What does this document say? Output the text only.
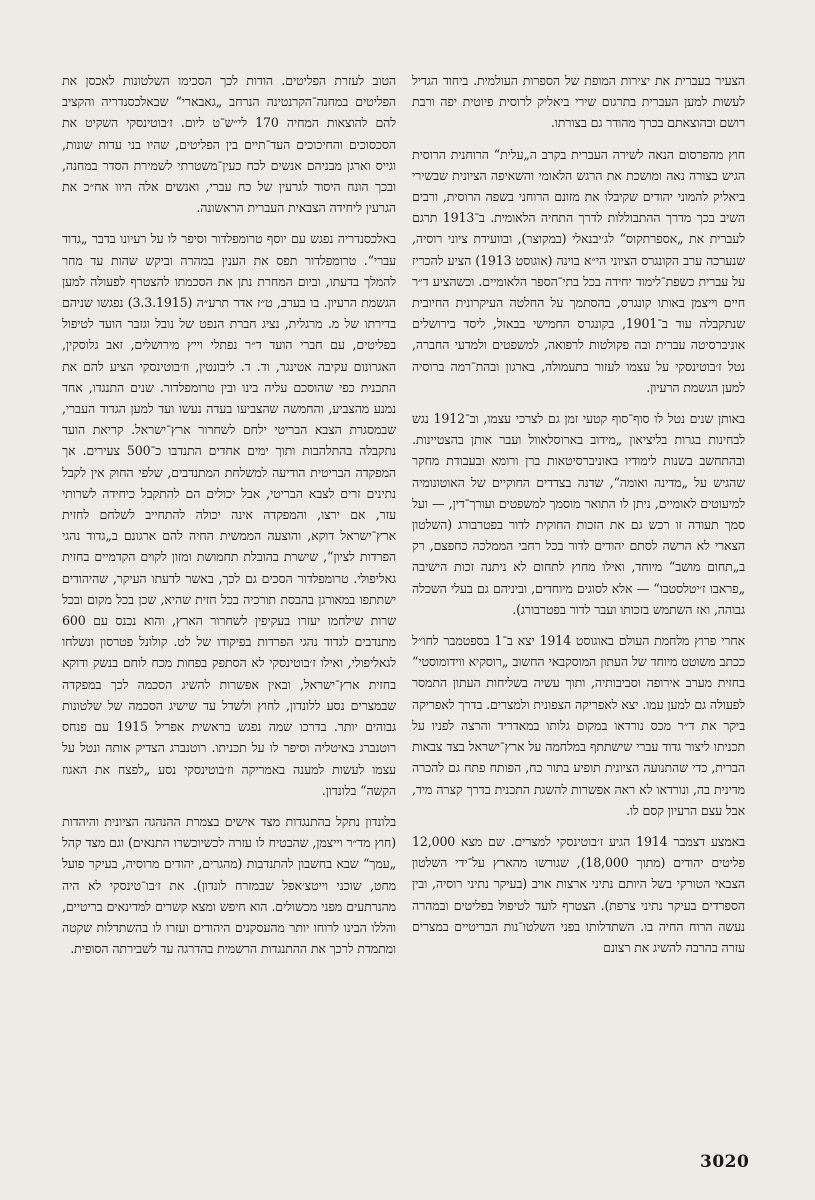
הצעיר בעברית את יצירות המופת של הספרות העולמית. ביחוד הגדיל לעשות למען העברית בתרגום שירי ביאליק לרוסית פיוטית יפה ורבת רושם ובהוצאתם בכרך מהודר גם בצורתו.

חוץ מהפרסום הנאה לשירה העברית בקרב ה„עלית“ הרוחנית הרוסית הגיש בצורה נאה ומושכת את הרגש הלאומי והשאיפה הציונית שבשירי ביאליק להמוני יהודים שקיבלו את מזונם הרוחני בשפה הרוסית, ורבים השיב בכך מדרך ההתבוללות לדרך התחיה הלאומית. ב־1913 תרגם לעברית את „אספרתקוס“ לג׳יבנאלי (במקוצר), ובוועידת ציוני רוסיה, שנערכה ערב הקונגרס הציוני הי״א בוינה (אוגוסט 1913) הציע להכריז על עברית כשפת־לימוד יחידה בכל בתי־הספר הלאומיים. וכשהציע ד״ר חיים וייצמן באותו קונגרס, בהסתמך על החלטה העיקרונית החיובית שנתקבלה עוד ב־1901, בקונגרס החמישי בבאזל, ליסד בירושלים אוניברסיטה עברית ובה פקולטות לרפואה, למשפטים ולמדעי החברה, נטל ז׳בוטינסקי על עצמו לעזור בתעמולה, בארגון ובהת־רמה ברוסיה למען הגשמת הרעיון.

באותן שנים נטל לו סוף־סוף קטעי זמן גם לצרכי עצמו, וב־1912 נגש לבחינות בגרות בליציאון „מידוב בארוסלאוול ועבר אותן בהצטיינות. ובהתחשב בשנות לימודיו באוניברסיטאות ברן ורומא ובעבודת מחקר שהגיש על „מדינה ואומה“, שדנה בצדדים החוקיים של האוטונומיה למיעוטים לאומיים, ניתן לו התואר מוסמך למשפטים ועורך־דין, — ועל סמך תעודה זו רכש גם את הזכות החוקית לדור בפטרבורג (השלטון הצארי לא הרשה לסתם יהודים לדור בכל רחבי הממלכה כחפצם, רק ב„תחום מושב“ מיוחד, ואילו מחוץ לתחום לא ניתנה זכות הישיבה „פראבו ז׳יטלסטבו“ — אלא לסוגים מיוחדים, וביניהם גם בעלי השכלה גבוהה, ואז השתמש בזכותו ועבר לדור בפטרבורג).

אחרי פרוץ מלחמת העולם באוגוסט 1914 יצא ב־1 בספטמבר לחו״ל ככתב משוטט מיוחד של העתון המוסקבאי החשוב „רוסקיא ווידומוסטי“ בחזית מערב אירופה וסביבותיה, ותוך עשיה בשליחות העתון התמסר לפעולה גם למען עמו. יצא לאפריקה הצפונית ולמצרים. בדרך לאפריקה ביקר את ד״ר מכס נורדאו במקום גלותו במאדריד והרצה לפניו על תכניתו ליצור גדוד עברי שישתתף במלחמה על ארץ־ישראל בצד צבאות הברית, כדי שהתנועה הציונית תופיע בתור כח, הפותח פתח גם להכרה מדינית בה, ונורדאו לא ראה אפשרות להשגת התכנית בדרך קצרה מיד, אבל עצם הרעיון קסם לו.

באמצע דצמבר 1914 הגיע ז׳בוטינסקי למצרים. שם מצא 12,000 פליטים יהודים (מתוך 18,000), שגורשו מהארץ על־ידי השלטון הצבאי הטורקי בשל היותם נתיני ארצות אויב (בעיקר נתיני רוסיה, ובין הספרדים בעיקר נתיני צרפת). הצטרף לועד לטיפול בפליטים ובמהרה נעשה הרוח החיה בו. השתדלותו בפני השלטו־נות הבריטיים במצרים עזרה בהרבה להשיג את רצונם

הטוב לעזרת הפליטים. הודות לכך הסכימו השלטונות לאכסן את הפליטים במחנה־הקרנטינה הנרחב „גאבארי“ שבאלכסנדריה והקציב להם להוצאות המחיה 170 לי״ש־ט ליום. ז׳בוטינסקי השקיט את הסכסוכים והחיכוכים העד־תיים בין הפליטים, שהיו בני עדות שונות, וגייס וארגן מבניהם אנשים לכח כעין־משטרתי לשמירת הסדר במחנה, ובכך הונח היסוד לגרעין של כח עברי, ואנשים אלה היוו אח״כ את הגרעין ליחידה הצבאית העברית הראשונה.

באלכסנדריה נפגש עם יוסף טרומפלדור וסיפר לו על רעיונו בדבר „גדוד עברי“. טרומפלדור תפס את הענין במהרה וביקש שהות עד מחר להמלך בדעתו, וביום המחרת נתן את הסכמתו להצטרף לפעולה למען הגשמת הרעיון. בו בערב, ט״ז אדר תרע״ה (3.3.1915) נפגשו שניהם בדירתו של מ. מרגלית, נציג חברת הנפט של נובל וגזבר הועד לטיפול בפליטים, עם חברי הועד ד״ר נפתלי וייץ מירושלים, זאב גלוסקין, האגרונום עקיבה אטינגר, וד. ד. ליבונטין, וז׳בוטינסקי הציע להם את התכנית כפי שהוסכם עליה בינו ובין טרומפלדור. שנים התנגדו, אחד נמנע מהצביע, והחמשה שהצביעו בעדה נעשו ועד למען הגדוד העברי, שבמסגרת הצבא הבריטי ילחם לשחרור ארץ־ישראל. קריאת הועד נתקבלה בהתלהבות ותוך ימים אחדים התנדבו כ־500 צעירים. אך המפקדה הבריטית הודיעה למשלחת המתנדבים, שלפי החוק אין לקבל נתינים זרים לצבא הבריטי, אבל יכולים הם להתקבל כיחידה לשרותי עזר, אם ירצו, והמפקדה אינה יכולה להתחייב לשלחם לחזית ארץ־ישראל דוקא, והוצעה הממשית החיה להם ארגונם ב„גדוד נהגי הפרדות לציון“, שישרת בהובלת תחמושת ומזון לקוים הקדמיים בחזית גאליפולי. טרומפלדור הסכים גם לכך, באשר לדעתו העיקר, שהיהודים ישתתפו במאורגן בהבסת תורכיה בכל חזית שהיא, שכן בכל מקום ובכל שרות שילחמו יעזרו בעקיפין לשחרור הארץ, והוא נכנס עם 600 מתנדבים לגדוד נהגי הפרדות בפיקודו של לט. קולונל פטרסון ונשלחו לגאליפולי, ואילו ז׳בוטינסקי לא הסתפק בפחות מכח לוחם בנשק ודוקא בחזית ארץ־ישראל, ובאין אפשרות להשיג הסכמה לכך במפקדה שבמצרים נסע ללונדון, לחוץ ולשדל עד שישיג הסכמה של שלטונות גבוהים יותר. בדרכו שמה נפגש בראשית אפריל 1915 עם פנחס רוטנברג באיטליה וסיפר לו על תכניתו. רוטנברג הצדיק אותה ונטל על עצמו לעשות למענה באמריקה וז׳בוטינסקי נסע „לפצח את האגוז הקשה“ בלונדון.

בלונדון נתקל בהתנגדות מצד אישים בצמרת ההנהגה הציונית והיהדות (חוץ מד״ר וייצמן, שהבטיח לו עזרה לכשיוכשרו התנאים) וגם מצד קהל „עמך“ שבא בחשבון להתנדבות (מהגרים, יהודים מרוסיה, בעיקר פועל מחט, שוכני וייטצ׳אפל שבמזרח לונדון). את ז׳בו־טינסקי לא היה מהנרתעים מפני מכשולים. הוא חיפש ומצא קשרים למדינאים בריטיים, והללו הבינו לרוחו יותר מהעסקנים היהודים ועזרו לו בהשתדלות שקטה ומתמדת לרכך את ההתנגדות הרשמית בהדרגה עד לשבירתה הסופית.

3020
